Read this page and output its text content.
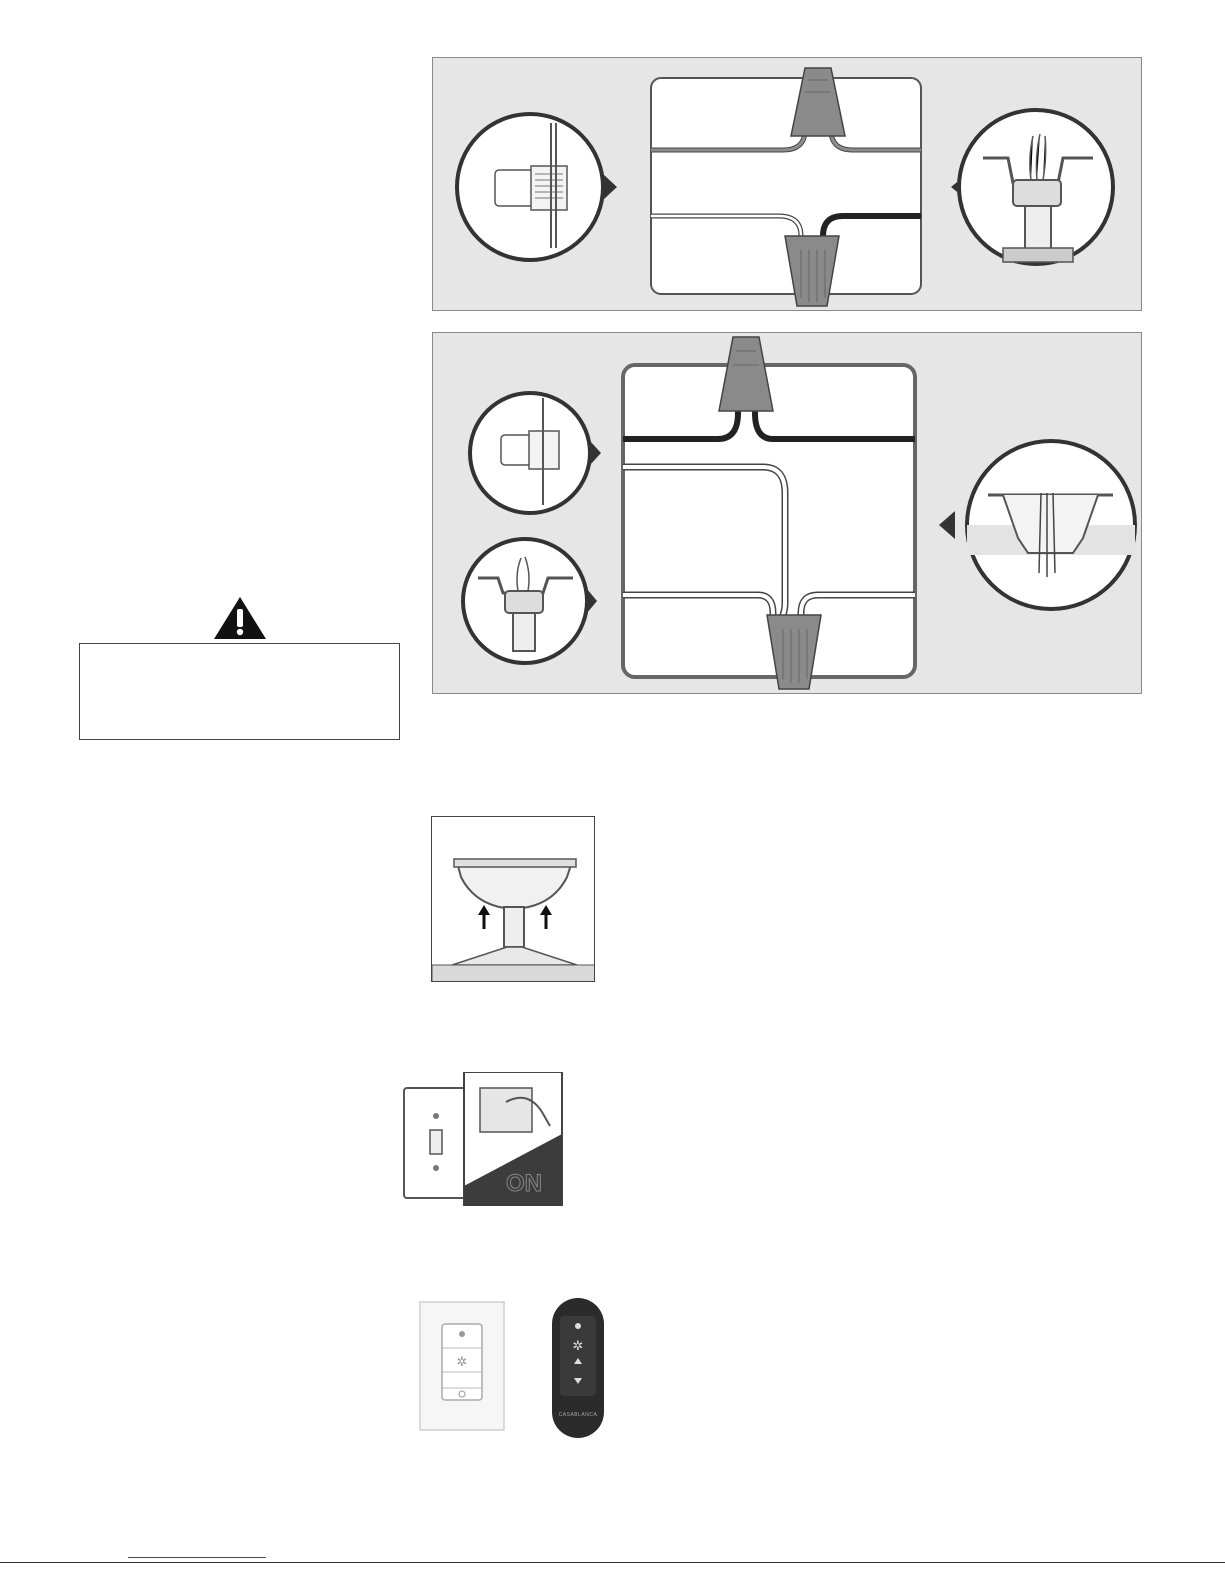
ON
✲
✲
CASABLANCA
